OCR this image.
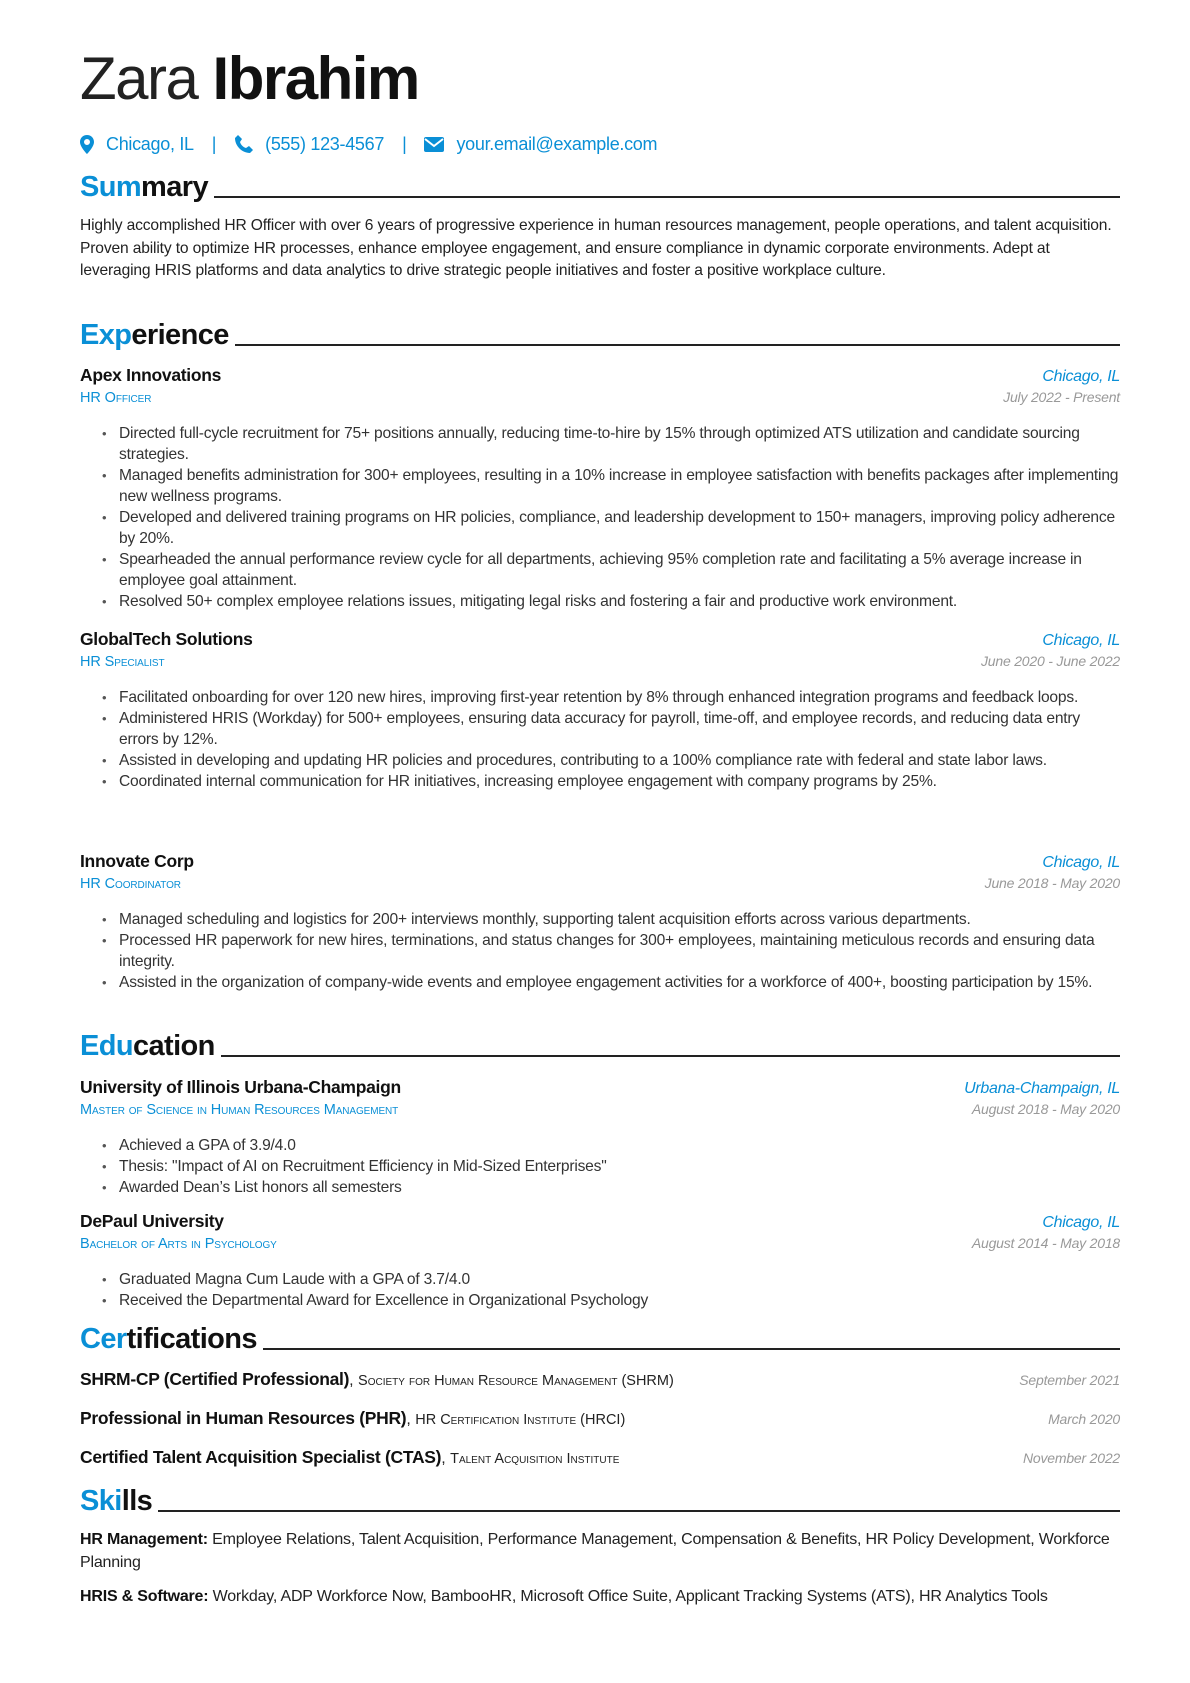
Zara Ibrahim
Chicago, IL |	(555) 123-4567 |	your.email@example.com
Summary
Highly accomplished HR Officer with over 6 years of progressive experience in human resources management, people operations, and talent acquisition. Proven ability to optimize HR processes, enhance employee engagement, and ensure compliance in dynamic corporate environments. Adept at leveraging HRIS platforms and data analytics to drive strategic people initiatives and foster a positive workplace culture.
Experience
Apex Innovations	Chicago, IL
HR Officer	July 2022 - Present
• Directed full-cycle recruitment for 75+ positions annually, reducing time-to-hire by 15% through optimized ATS utilization and candidate sourcing strategies.
• Managed benefits administration for 300+ employees, resulting in a 10% increase in employee satisfaction with benefits packages after implementing new wellness programs.
• Developed and delivered training programs on HR policies, compliance, and leadership development to 150+ managers, improving policy adherence by 20%.
• Spearheaded the annual performance review cycle for all departments, achieving 95% completion rate and facilitating a 5% average increase in employee goal attainment.
• Resolved 50+ complex employee relations issues, mitigating legal risks and fostering a fair and productive work environment.
GlobalTech Solutions	Chicago, IL
HR Specialist	June 2020 - June 2022
• Facilitated onboarding for over 120 new hires, improving first-year retention by 8% through enhanced integration programs and feedback loops.
• Administered HRIS (Workday) for 500+ employees, ensuring data accuracy for payroll, time-off, and employee records, and reducing data entry errors by 12%.
• Assisted in developing and updating HR policies and procedures, contributing to a 100% compliance rate with federal and state labor laws.
• Coordinated internal communication for HR initiatives, increasing employee engagement with company programs by 25%.
Innovate Corp	Chicago, IL
HR Coordinator	June 2018 - May 2020
• Managed scheduling and logistics for 200+ interviews monthly, supporting talent acquisition efforts across various departments.
• Processed HR paperwork for new hires, terminations, and status changes for 300+ employees, maintaining meticulous records and ensuring data integrity.
• Assisted in the organization of company-wide events and employee engagement activities for a workforce of 400+, boosting participation by 15%.
Education
University of Illinois Urbana-Champaign	Urbana-Champaign, IL
Master of Science in Human Resources Management	August 2018 - May 2020
• Achieved a GPA of 3.9/4.0
• Thesis: "Impact of AI on Recruitment Efficiency in Mid-Sized Enterprises"
• Awarded Dean’s List honors all semesters
DePaul University	Chicago, IL
Bachelor of Arts in Psychology	August 2014 - May 2018
• Graduated Magna Cum Laude with a GPA of 3.7/4.0
• Received the Departmental Award for Excellence in Organizational Psychology
Certifications
SHRM-CP (Certified Professional), Society for Human Resource Management (SHRM)	September 2021
Professional in Human Resources (PHR), HR Certification Institute (HRCI)	March 2020
Certified Talent Acquisition Specialist (CTAS), Talent Acquisition Institute	November 2022
Skills
HR Management: Employee Relations, Talent Acquisition, Performance Management, Compensation & Benefits, HR Policy Development, Workforce Planning
HRIS & Software: Workday, ADP Workforce Now, BambooHR, Microsoft Office Suite, Applicant Tracking Systems (ATS), HR Analytics Tools
